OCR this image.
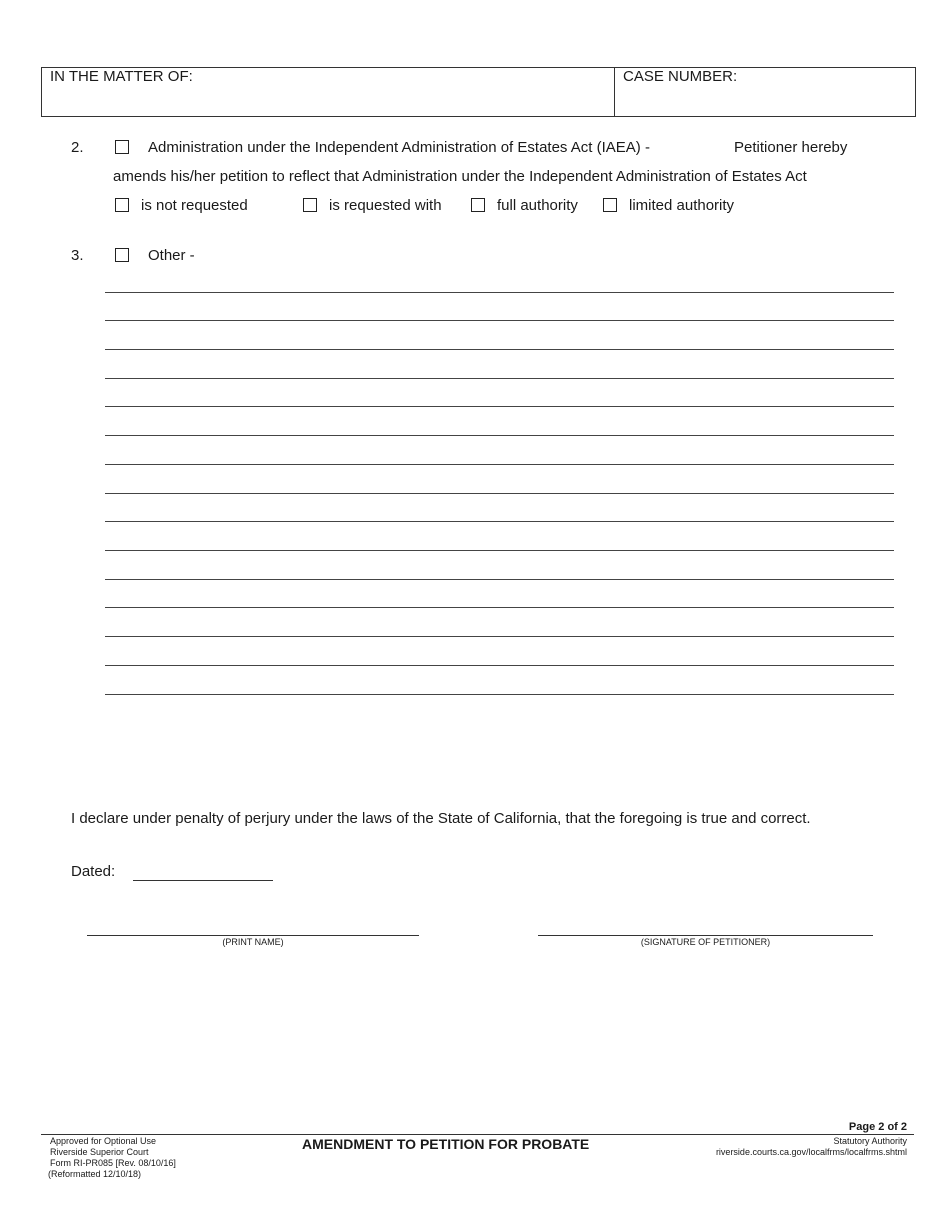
IN THE MATTER OF:	CASE NUMBER:
2.	Administration under the Independent Administration of Estates Act (IAEA) -	Petitioner hereby
amends his/her petition to reflect that Administration under the Independent Administration of Estates Act
is not requested	is requested with	full authority	limited authority
3.	Other -
I declare under penalty of perjury under the laws of the State of California, that the foregoing is true and correct.
Dated:
(PRINT NAME)	(SIGNATURE OF PETITIONER)
Page 2 of 2
Approved for Optional Use
Riverside Superior Court
Form RI-PR085 [Rev. 08/10/16]
(Reformatted 12/10/18)
AMENDMENT TO PETITION FOR PROBATE	Statutory Authority
riverside.courts.ca.gov/localfrms/localfrms.shtml
